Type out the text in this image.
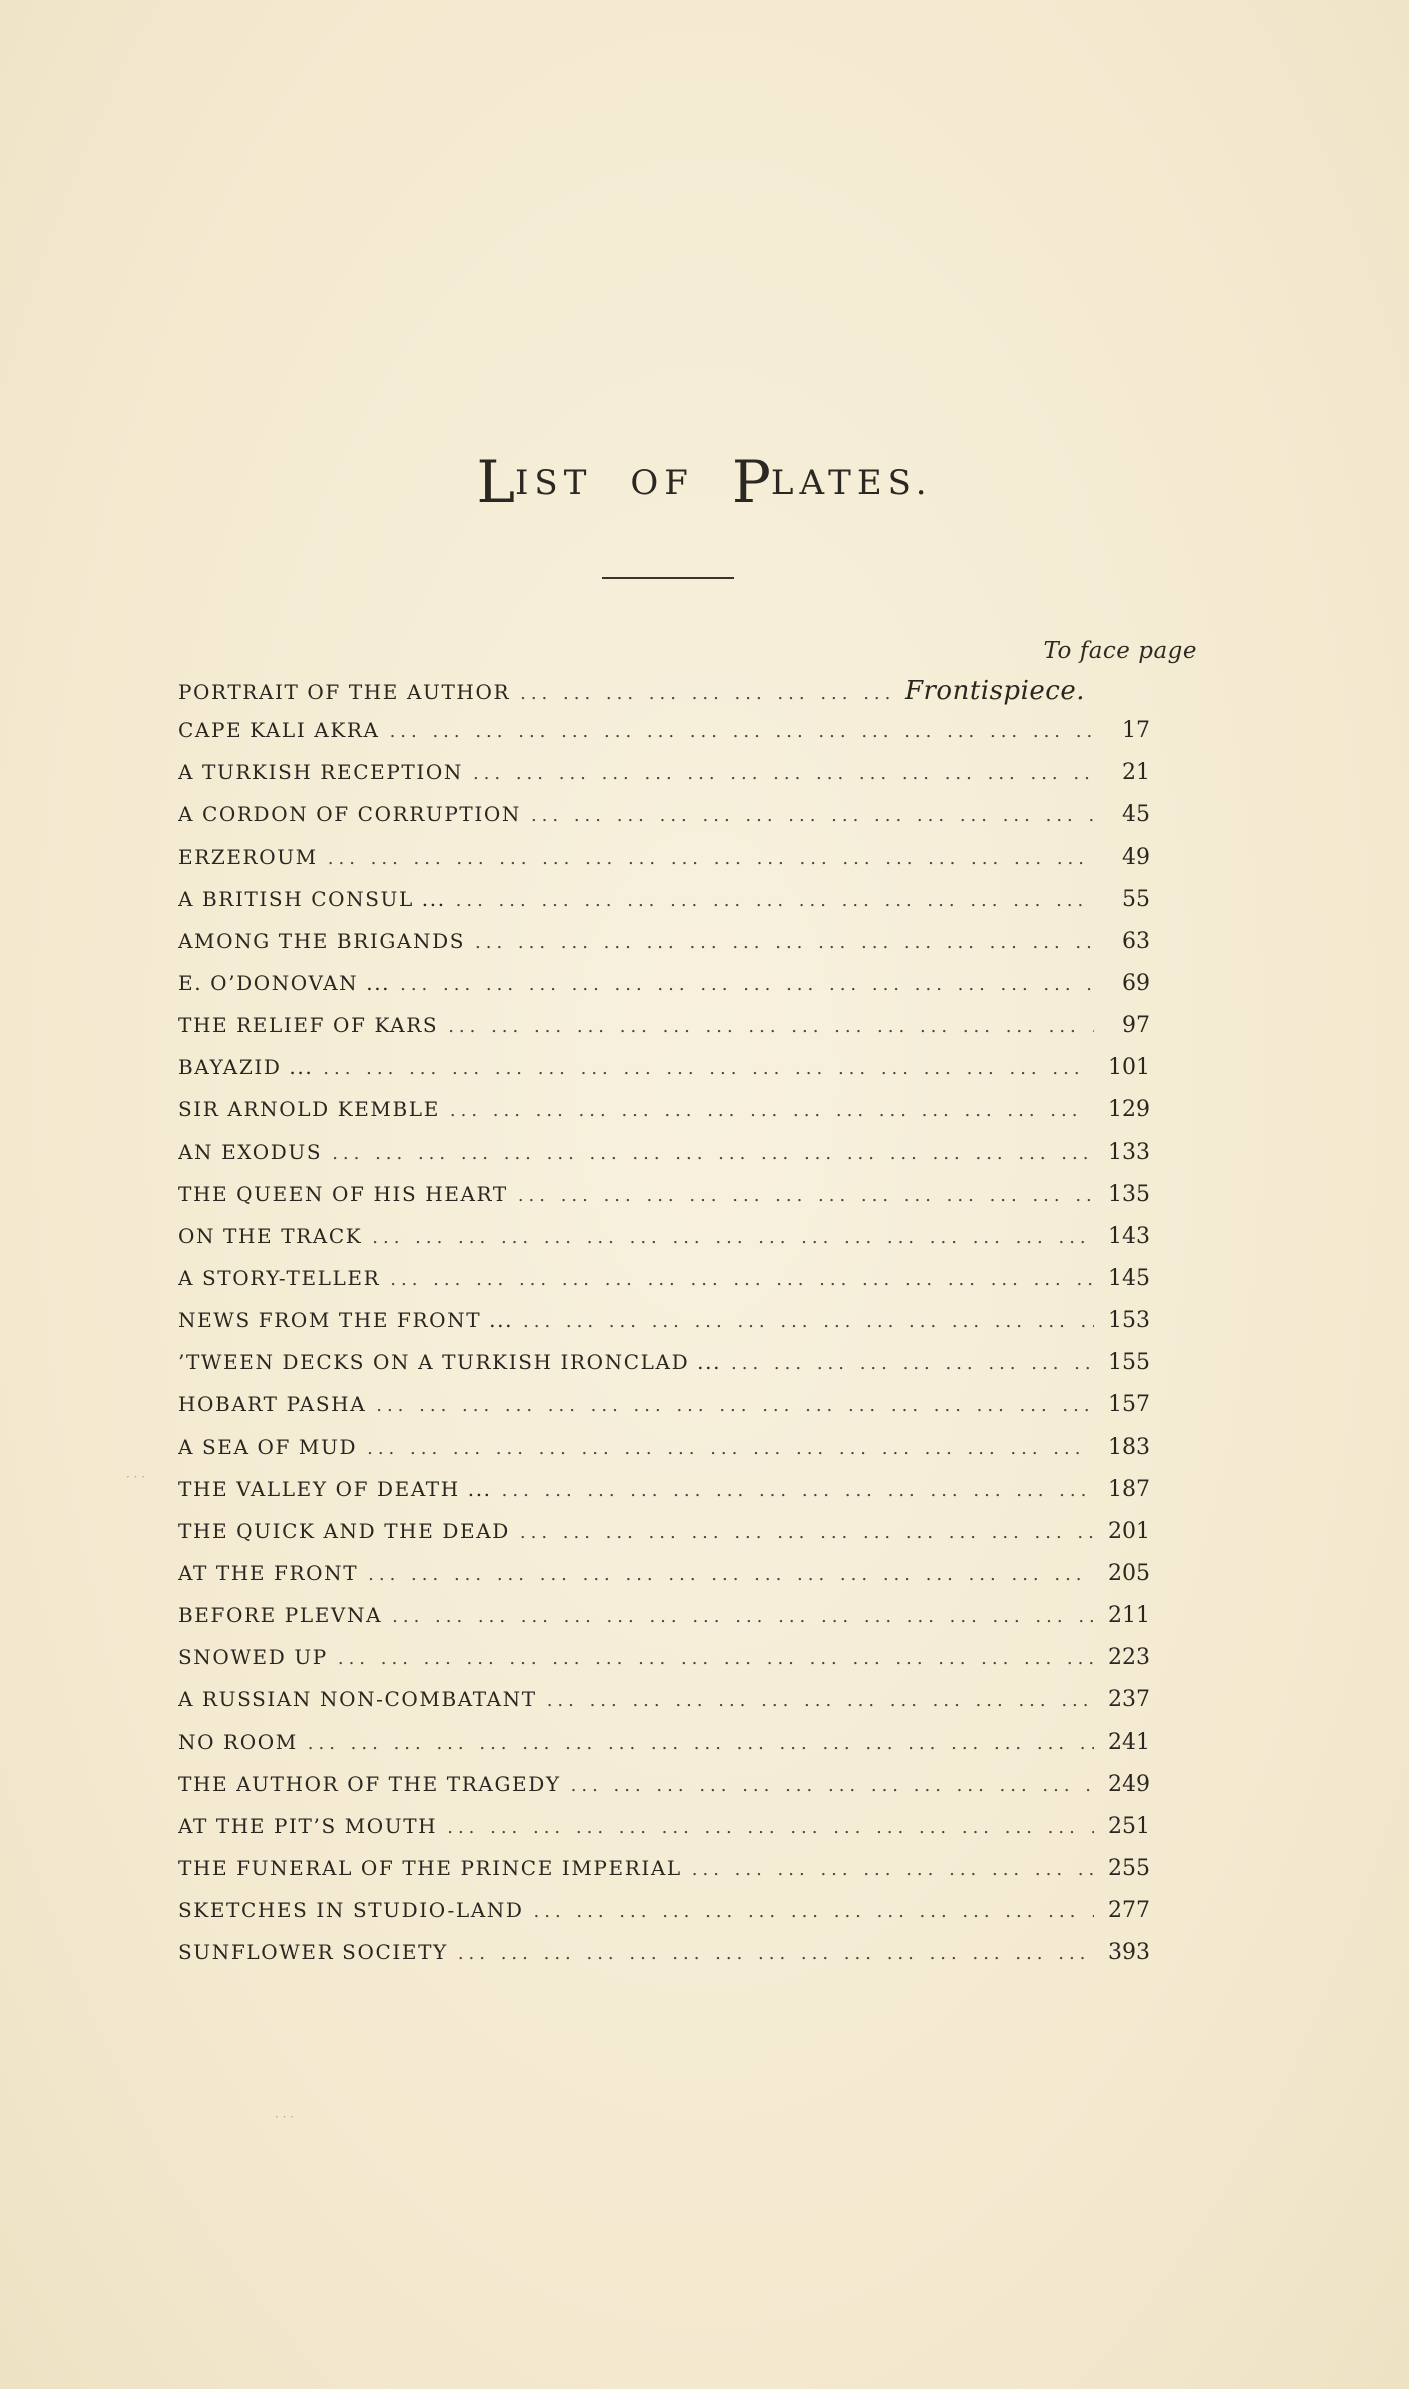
LIST OF PLATES.
To face page
PORTRAIT OF THE AUTHOR ... .	Frontispiece.
CAPE KALI AKRA ... .	17
A TURKISH RECEPTION ... .	21
A CORDON OF CORRUPTION ... .	45
ERZEROUM ... .	49
A BRITISH CONSUL ... ... .	55
AMONG THE BRIGANDS ... .	63
E. O’DONOVAN ... ... .	69
THE RELIEF OF KARS ... .	97
BAYAZID ... ... .	101
SIR ARNOLD KEMBLE ... .	129
AN EXODUS ... .	133
THE QUEEN OF HIS HEART ... .	135
ON THE TRACK ... .	143
A STORY-TELLER ... .	145
NEWS FROM THE FRONT ... ... .	153
’TWEEN DECKS ON A TURKISH IRONCLAD ... ... .	155
HOBART PASHA ... .	157
A SEA OF MUD ... .	183
THE VALLEY OF DEATH ... ... .	187
THE QUICK AND THE DEAD ... .	201
AT THE FRONT ... .	205
BEFORE PLEVNA ... .	211
SNOWED UP ... .	223
A RUSSIAN NON-COMBATANT ... .	237
NO ROOM ... .	241
THE AUTHOR OF THE TRAGEDY ... .	249
AT THE PIT’S MOUTH ... .	251
THE FUNERAL OF THE PRINCE IMPERIAL ... .	255
SKETCHES IN STUDIO-LAND ... .	277
SUNFLOWER SOCIETY ... .	393
· · ·
· · ·
